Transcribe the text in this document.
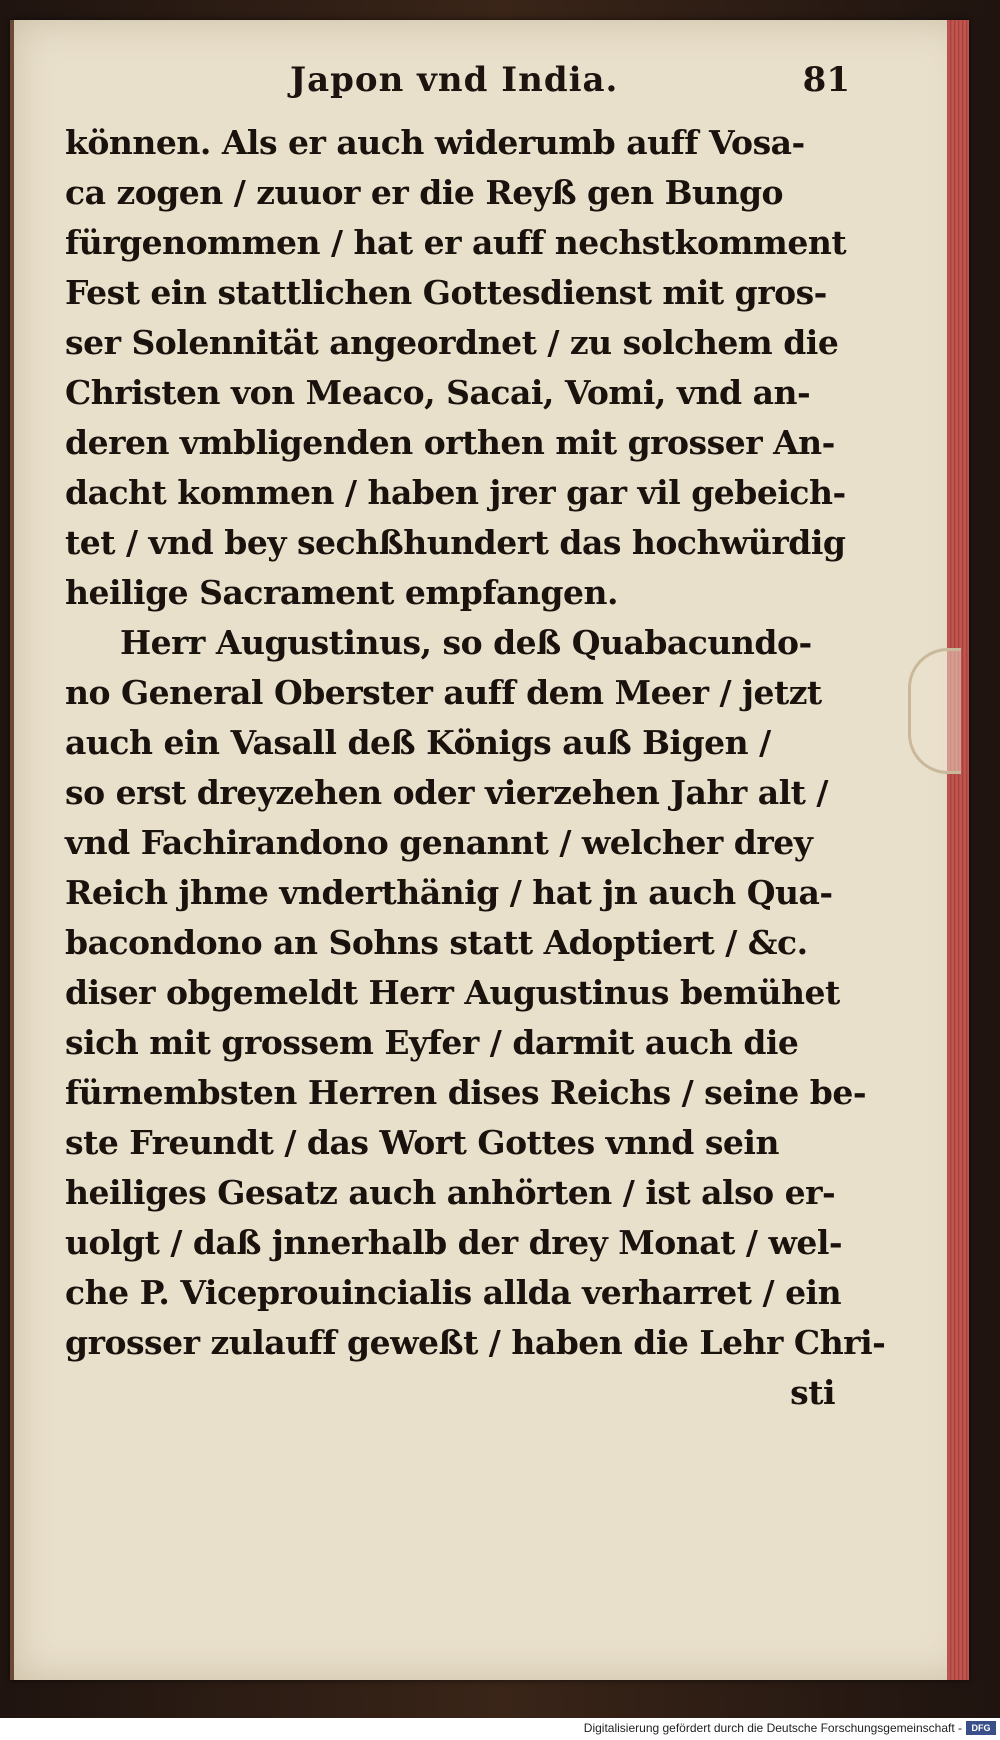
Japon vnd India.	81
können. Als er auch widerumb auff Vosa-
ca zogen / zuuor er die Reyß gen Bungo
fürgenommen / hat er auff nechstkomment
Fest ein stattlichen Gottesdienst mit gros-
ser Solennität angeordnet / zu solchem die
Christen von Meaco, Sacai, Vomi, vnd an-
deren vmbligenden orthen mit grosser An-
dacht kommen / haben jrer gar vil gebeich-
tet / vnd bey sechßhundert das hochwürdig
heilige Sacrament empfangen.
Herr Augustinus, so deß Quabacundo-
no General Oberster auff dem Meer / jetzt
auch ein Vasall deß Königs auß Bigen /
so erst dreyzehen oder vierzehen Jahr alt /
vnd Fachirandono genannt / welcher drey
Reich jhme vnderthänig / hat jn auch Qua-
bacondono an Sohns statt Adoptiert / &c.
diser obgemeldt Herr Augustinus bemühet
sich mit grossem Eyfer / darmit auch die
fürnembsten Herren dises Reichs / seine be-
ste Freundt / das Wort Gottes vnnd sein
heiliges Gesatz auch anhörten / ist also er-
uolgt / daß jnnerhalb der drey Monat / wel-
che P. Viceprouincialis allda verharret / ein
grosser zulauff geweßt / haben die Lehr Chri-
sti
Digitalisierung gefördert durch die Deutsche Forschungsgemeinschaft -	DFG
